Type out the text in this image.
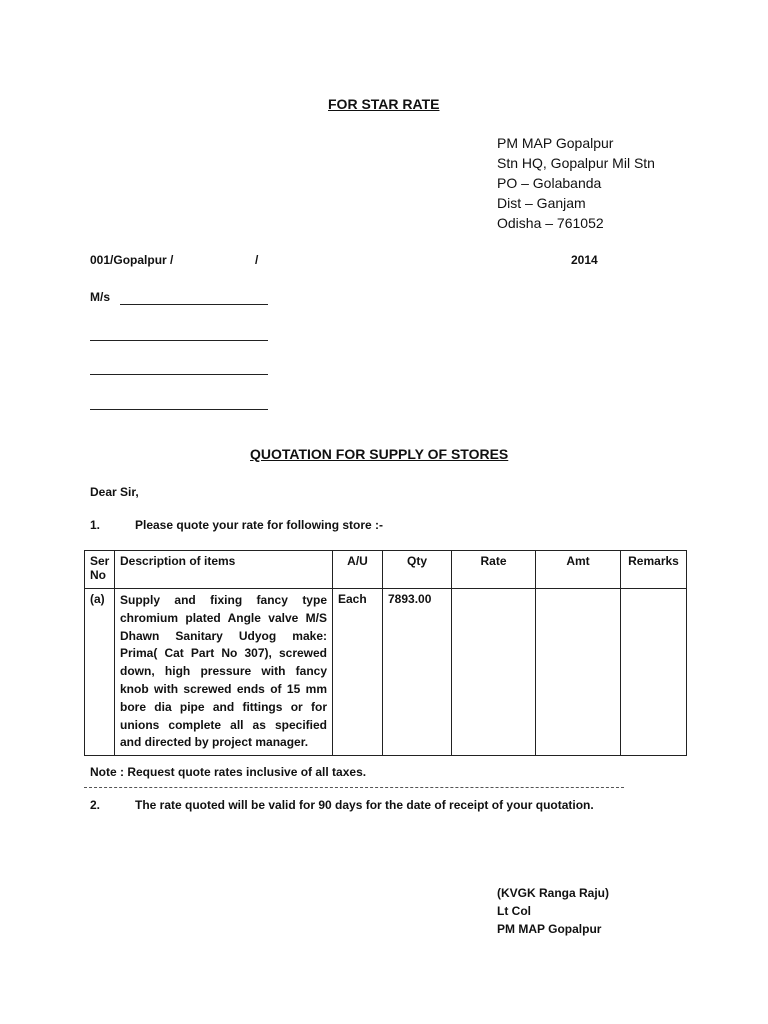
FOR STAR RATE
PM MAP Gopalpur
Stn HQ, Gopalpur Mil Stn
PO – Golabanda
Dist – Ganjam
Odisha – 761052
001/Gopalpur /	/	2014
M/s
QUOTATION FOR SUPPLY OF STORES
Dear Sir,
1.	Please quote your rate for following store :-
Ser No	Description of items	A/U	Qty	Rate	Amt	Remarks
(a)	Supply and fixing fancy type chromium plated Angle valve M/S Dhawn Sanitary Udyog make: Prima( Cat Part No 307), screwed down, high pressure with fancy knob with screwed ends of 15 mm bore dia pipe and fittings or for unions complete all as specified and directed by project manager.	Each	7893.00			
Note : Request quote rates inclusive of all taxes.
2.	The rate quoted will be valid for 90 days for the date of receipt of your quotation.
(KVGK Ranga Raju)
Lt Col
PM MAP Gopalpur
